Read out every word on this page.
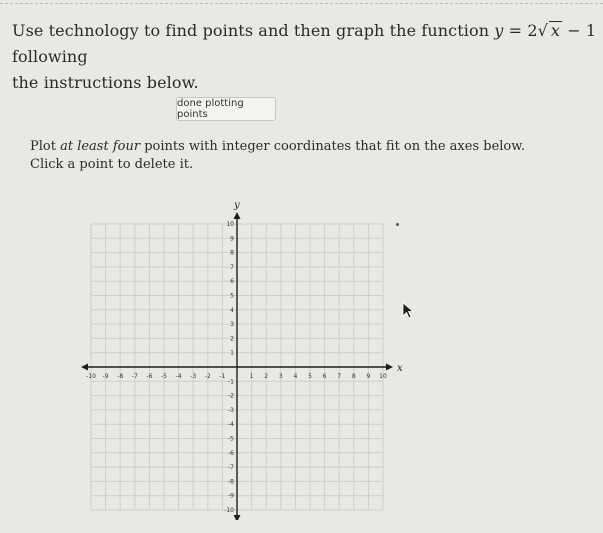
Use technology to find points and then graph the function y = 2√ x − 1 following
the instructions below.
done plotting points
Plot at least four points with integer coordinates that fit on the axes below.
Click a point to delete it.
x
y
-10 -9 -8 -7 -6 -5 -4 -3 -2 -1	1 2 3 4 5 6 7 8 9 10
1
2
3
4
5
6
7
8
9
10
-1
-2
-3
-4
-5
-6
-7
-8
-9
-10
